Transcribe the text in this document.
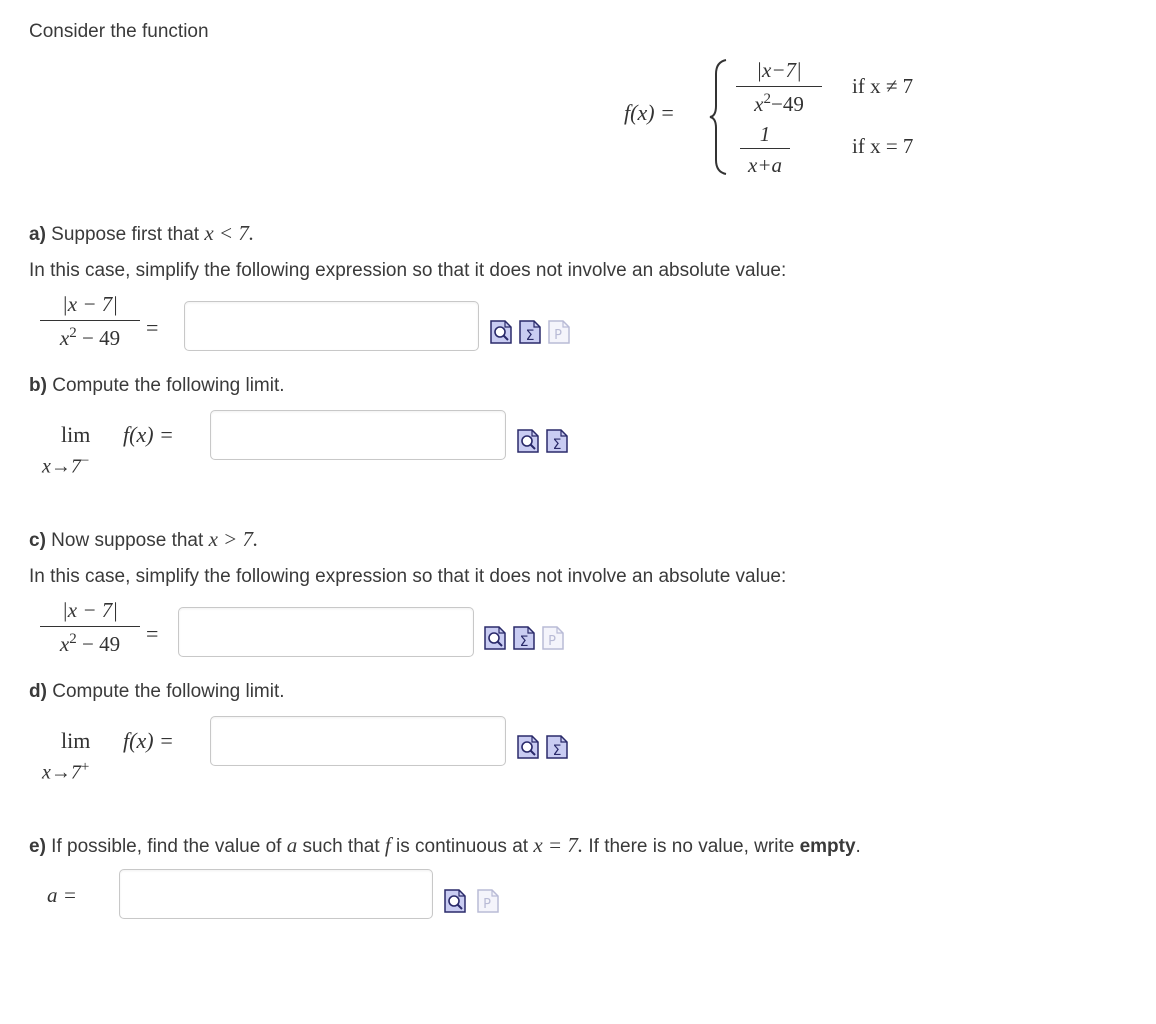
Consider the function
f(x) =
|x−7|
$x^2-49$
if x ≠ 7
1
x+a
if x = 7
a) Suppose first that x < 7.
In this case, simplify the following expression so that it does not involve an absolute value:
|x − 7|
$x^2 - 49$	=	Σ P
b) Compute the following limit.
lim f(x) =
x→7−
Σ
c) Now suppose that x > 7.
In this case, simplify the following expression so that it does not involve an absolute value:
|x − 7|
$x^2 - 49$	=	Σ P
d) Compute the following limit.
lim f(x) =
x→7+
Σ
e) If possible, find the value of a such that f is continuous at x = 7. If there is no value, write empty.
a =	P
